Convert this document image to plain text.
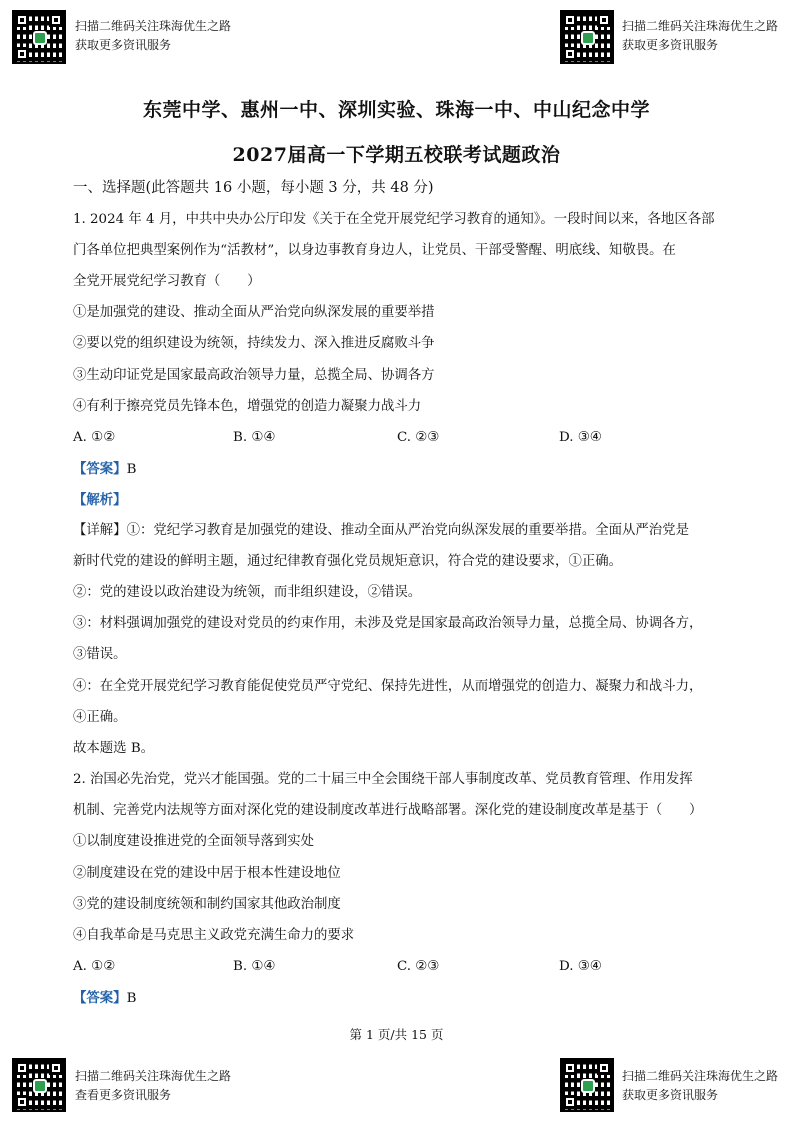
扫描二维码关注珠海优生之路
获取更多资讯服务
扫描二维码关注珠海优生之路
获取更多资讯服务
东莞中学、惠州一中、深圳实验、珠海一中、中山纪念中学
2027届高一下学期五校联考试题政治
一、选择题(此答题共 16 小题，每小题 3 分，共 48 分)
1. 2024 年 4 月，中共中央办公厅印发《关于在全党开展党纪学习教育的通知》。一段时间以来，各地区各部
门各单位把典型案例作为“活教材”，以身边事教育身边人，让党员、干部受警醒、明底线、知敬畏。在
全党开展党纪学习教育（　　）
①是加强党的建设、推动全面从严治党向纵深发展的重要举措
②要以党的组织建设为统领，持续发力、深入推进反腐败斗争
③生动印证党是国家最高政治领导力量，总揽全局、协调各方
④有利于擦亮党员先锋本色，增强党的创造力凝聚力战斗力
A. ①②	B. ①④	C. ②③	D. ③④
【答案】B
【解析】
【详解】①：党纪学习教育是加强党的建设、推动全面从严治党向纵深发展的重要举措。全面从严治党是
新时代党的建设的鲜明主题，通过纪律教育强化党员规矩意识，符合党的建设要求，①正确。
②：党的建设以政治建设为统领，而非组织建设，②错误。
③：材料强调加强党的建设对党员的约束作用，未涉及党是国家最高政治领导力量，总揽全局、协调各方，
③错误。
④：在全党开展党纪学习教育能促使党员严守党纪、保持先进性，从而增强党的创造力、凝聚力和战斗力，
④正确。
故本题选 B。
2. 治国必先治党，党兴才能国强。党的二十届三中全会围绕干部人事制度改革、党员教育管理、作用发挥
机制、完善党内法规等方面对深化党的建设制度改革进行战略部署。深化党的建设制度改革是基于（　　）
①以制度建设推进党的全面领导落到实处
②制度建设在党的建设中居于根本性建设地位
③党的建设制度统领和制约国家其他政治制度
④自我革命是马克思主义政党充满生命力的要求
A. ①②	B. ①④	C. ②③	D. ③④
【答案】B
第 1 页/共 15 页
扫描二维码关注珠海优生之路
查看更多资讯服务
扫描二维码关注珠海优生之路
获取更多资讯服务
